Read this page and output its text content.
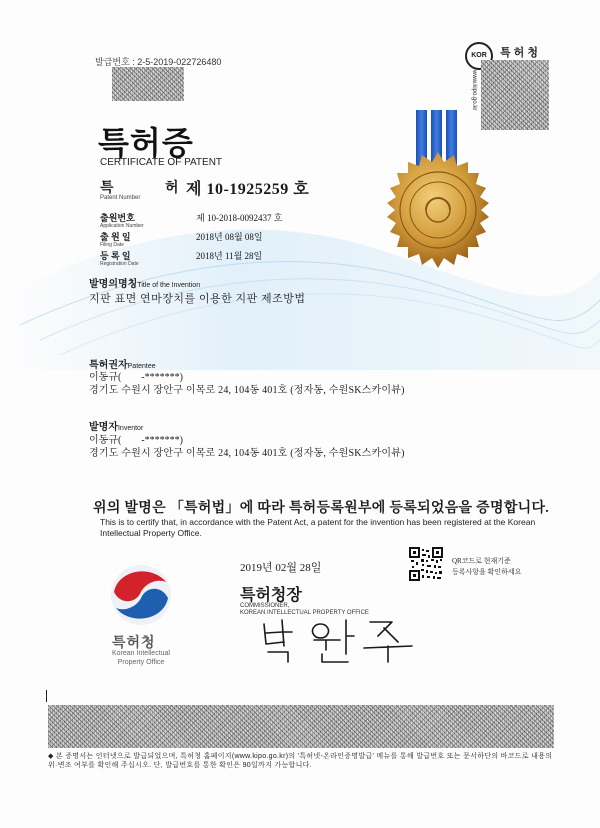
발급번호 : 2-5-2019-022726480
KOR	특 허 청
www.kipo.go.kr
특허증
CERTIFICATE OF PATENT
특 허
Patent Number	제 10-1925259 호
출원번호
Application Number
제 10-2018-0092437 호
출 원 일
Filing Date
2018년 08월 08일
등 록 일
Registration Date
2018년 11월 28일
발명의명칭Title of the Invention
지판 표면 연마장치를 이용한 지판 제조방법
특허권자Patentee
이동규(        -*******)
경기도 수원시 장안구 이목로 24, 104동 401호 (정자동, 수원SK스카이뷰)
발명자Inventor
이동규(        -*******)
경기도 수원시 장안구 이목로 24, 104동 401호 (정자동, 수원SK스카이뷰)
위의 발명은 「특허법」에 따라 특허등록원부에 등록되었음을 증명합니다.
This is to certify that, in accordance with the Patent Act, a patent for the invention has been registered at the Korean Intellectual Property Office.
2019년 02월 28일
QR코드로 현재기준
등록사항을 확인하세요
특허청
Korean Intellectual
Property Office
특허청장
COMMISSIONER,
KOREAN INTELLECTUAL PROPERTY OFFICE
◆ 본 증명서는 인터넷으로 발급되었으며, 특허청 홈페이지(www.kipo.go.kr)의 '특허넷-온라인증명발급' 메뉴를 통해 발급번호 또는 문서하단의 바코드로 내용의 위·변조 여부를 확인해 주십시오. 단, 발급번호를 통한 확인은 90일까지 가능합니다.
